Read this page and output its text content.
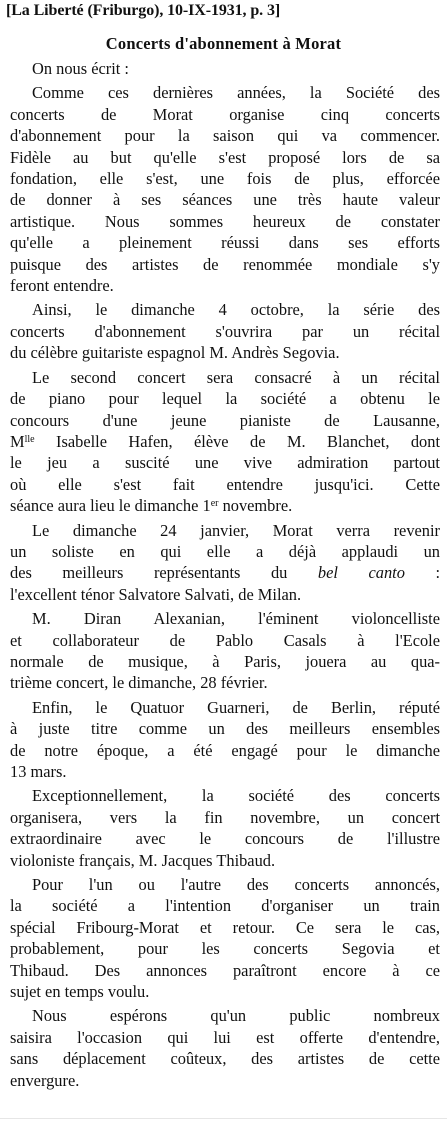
[La Liberté (Friburgo), 10-IX-1931, p. 3]
Concerts d'abonnement à Morat
On nous écrit :
Comme ces dernières années, la Société des
concerts de Morat organise cinq concerts
d'abonnement pour la saison qui va commencer.
Fidèle au but qu'elle s'est proposé lors de sa
fondation, elle s'est, une fois de plus, efforcée
de donner à ses séances une très haute valeur
artistique. Nous sommes heureux de constater
qu'elle a pleinement réussi dans ses efforts
puisque des artistes de renommée mondiale s'y
feront entendre.
Ainsi, le dimanche 4 octobre, la série des
concerts d'abonnement s'ouvrira par un récital
du célèbre guitariste espagnol M. Andrès Segovia.
Le second concert sera consacré à un récital
de piano pour lequel la société a obtenu le
concours d'une jeune pianiste de Lausanne,
$M^{lle}$ Isabelle Hafen, élève de M. Blanchet, dont
le jeu a suscité une vive admiration partout
où elle s'est fait entendre jusqu'ici. Cette
séance aura lieu le dimanche 1er novembre.
Le dimanche 24 janvier, Morat verra revenir
un soliste en qui elle a déjà applaudi un
des meilleurs représentants du bel canto :
l'excellent ténor Salvatore Salvati, de Milan.
M. Diran Alexanian, l'éminent violoncelliste
et collaborateur de Pablo Casals à l'Ecole
normale de musique, à Paris, jouera au qua-
trième concert, le dimanche, 28 février.
Enfin, le Quatuor Guarneri, de Berlin, réputé
à juste titre comme un des meilleurs ensembles
de notre époque, a été engagé pour le dimanche
13 mars.
Exceptionnellement, la société des concerts
organisera, vers la fin novembre, un concert
extraordinaire avec le concours de l'illustre
violoniste français, M. Jacques Thibaud.
Pour l'un ou l'autre des concerts annoncés,
la société a l'intention d'organiser un train
spécial Fribourg-Morat et retour. Ce sera le cas,
probablement, pour les concerts Segovia et
Thibaud. Des annonces paraîtront encore à ce
sujet en temps voulu.
Nous espérons qu'un public nombreux
saisira l'occasion qui lui est offerte d'entendre,
sans déplacement coûteux, des artistes de cette
envergure.
